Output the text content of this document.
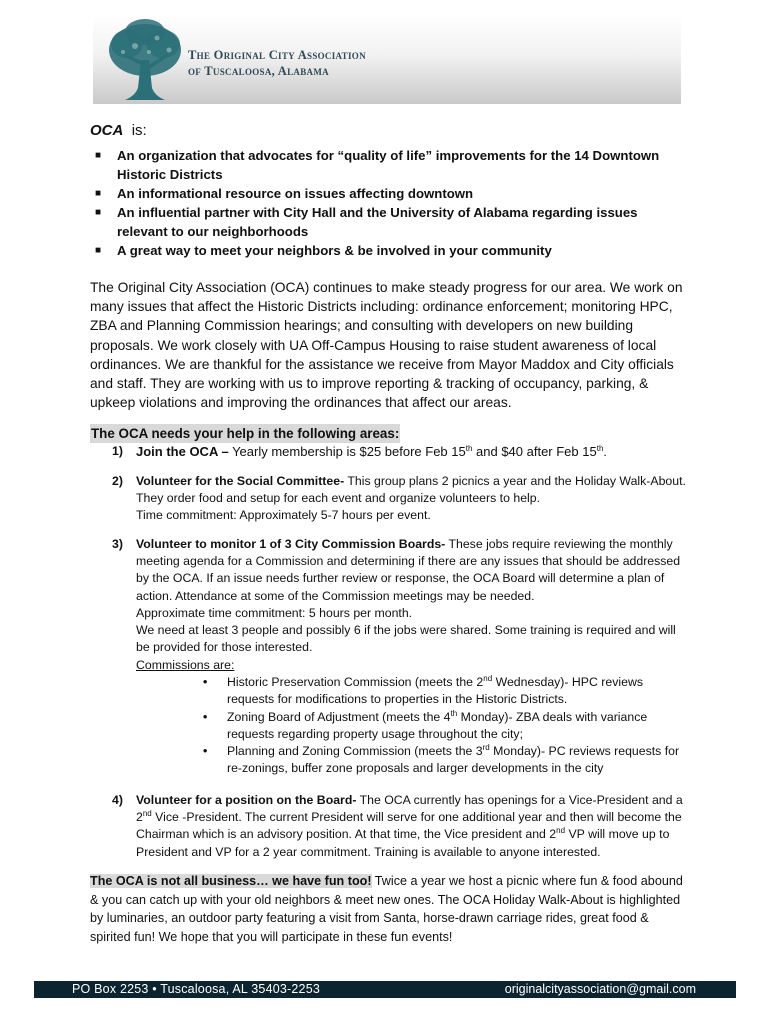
The Original City Association
of Tuscaloosa, Alabama
OCA is:
■ An organization that advocates for “quality of life” improvements for the 14 Downtown Historic Districts
■ An informational resource on issues affecting downtown
■ An influential partner with City Hall and the University of Alabama regarding issues relevant to our neighborhoods
■ A great way to meet your neighbors & be involved in your community

The Original City Association (OCA) continues to make steady progress for our area. We work on many issues that affect the Historic Districts including: ordinance enforcement; monitoring HPC, ZBA and Planning Commission hearings; and consulting with developers on new building proposals. We work closely with UA Off-Campus Housing to raise student awareness of local ordinances. We are thankful for the assistance we receive from Mayor Maddox and City officials and staff. They are working with us to improve reporting & tracking of occupancy, parking, & upkeep violations and improving the ordinances that affect our areas.

The OCA needs your help in the following areas:
1) Join the OCA – Yearly membership is $25 before Feb 15th and $40 after Feb 15th.
2) Volunteer for the Social Committee- This group plans 2 picnics a year and the Holiday Walk-About. They order food and setup for each event and organize volunteers to help.
Time commitment: Approximately 5-7 hours per event.
3) Volunteer to monitor 1 of 3 City Commission Boards- These jobs require reviewing the monthly meeting agenda for a Commission and determining if there are any issues that should be addressed by the OCA. If an issue needs further review or response, the OCA Board will determine a plan of action. Attendance at some of the Commission meetings may be needed.
Approximate time commitment: 5 hours per month.
We need at least 3 people and possibly 6 if the jobs were shared. Some training is required and will be provided for those interested.
Commissions are:
• Historic Preservation Commission (meets the 2nd Wednesday)- HPC reviews requests for modifications to properties in the Historic Districts.
• Zoning Board of Adjustment (meets the 4th Monday)- ZBA deals with variance requests regarding property usage throughout the city;
• Planning and Zoning Commission (meets the 3rd Monday)- PC reviews requests for re-zonings, buffer zone proposals and larger developments in the city
4) Volunteer for a position on the Board- The OCA currently has openings for a Vice-President and a 2nd Vice -President. The current President will serve for one additional year and then will become the Chairman which is an advisory position. At that time, the Vice president and 2nd VP will move up to President and VP for a 2 year commitment. Training is available to anyone interested.

The OCA is not all business… we have fun too! Twice a year we host a picnic where fun & food abound & you can catch up with your old neighbors & meet new ones. The OCA Holiday Walk-About is highlighted by luminaries, an outdoor party featuring a visit from Santa, horse-drawn carriage rides, great food & spirited fun! We hope that you will participate in these fun events!

PO Box 2253 • Tuscaloosa, AL 35403-2253	originalcityassociation@gmail.com
